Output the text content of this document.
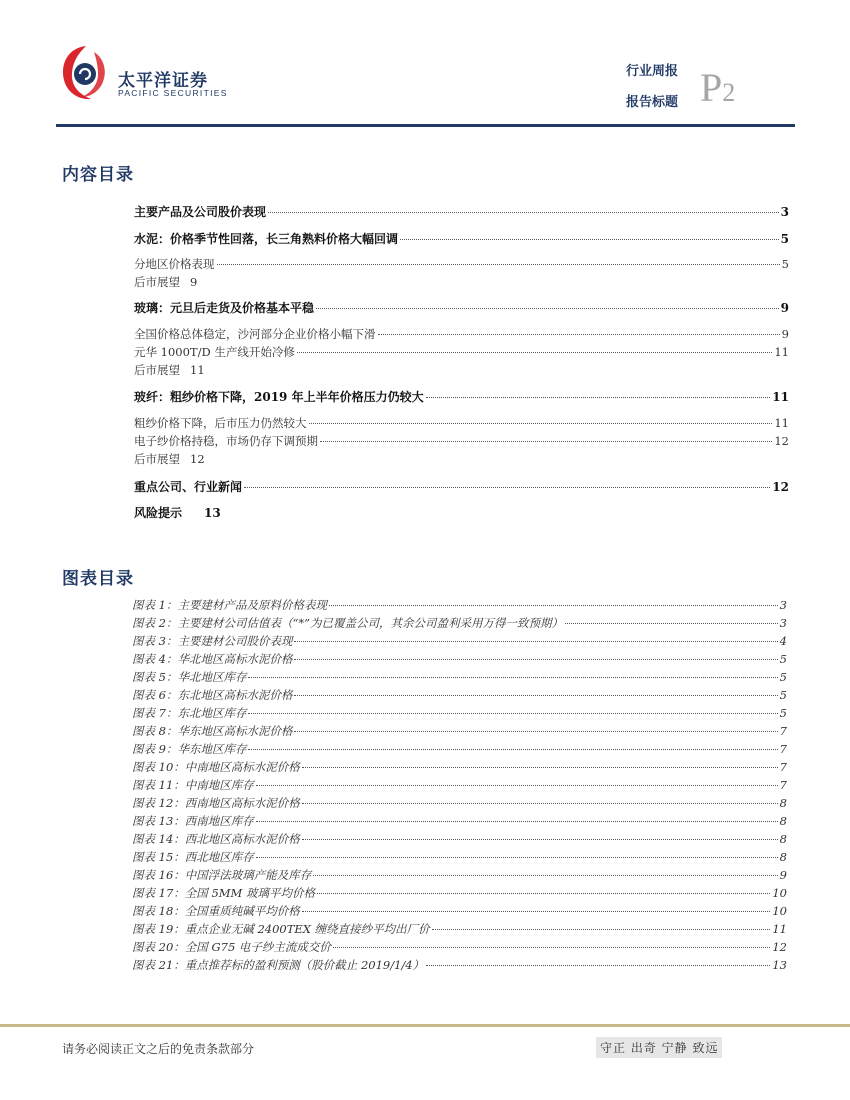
太平洋证券
PACIFIC SECURITIES
行业周报
报告标题 P2
内容目录
主要产品及公司股价表现	3
水泥：价格季节性回落，长三角熟料价格大幅回调	5
分地区价格表现	5
后市展望 9
玻璃：元旦后走货及价格基本平稳	9
全国价格总体稳定，沙河部分企业价格小幅下滑	9
元华 1000T/D 生产线开始冷修	11
后市展望 11
玻纤：粗纱价格下降，2019 年上半年价格压力仍较大	11
粗纱价格下降，后市压力仍然较大	11
电子纱价格持稳，市场仍存下调预期	12
后市展望 12
重点公司、行业新闻	12
风险提示 13
图表目录
图表 1：主要建材产品及原料价格表现	3
图表 2：主要建材公司估值表（“*”为已覆盖公司，其余公司盈利采用万得一致预期）	3
图表 3：主要建材公司股价表现	4
图表 4：华北地区高标水泥价格	5
图表 5：华北地区库存	5
图表 6：东北地区高标水泥价格	5
图表 7：东北地区库存	5
图表 8：华东地区高标水泥价格	7
图表 9：华东地区库存	7
图表 10：中南地区高标水泥价格	7
图表 11：中南地区库存	7
图表 12：西南地区高标水泥价格	8
图表 13：西南地区库存	8
图表 14：西北地区高标水泥价格	8
图表 15：西北地区库存	8
图表 16：中国浮法玻璃产能及库存	9
图表 17：全国 5MM 玻璃平均价格	10
图表 18：全国重质纯碱平均价格	10
图表 19：重点企业无碱 2400TEX 缠绕直接纱平均出厂价	11
图表 20：全国 G75 电子纱主流成交价	12
图表 21：重点推荐标的盈利预测（股价截止 2019/1/4）	13
请务必阅读正文之后的免责条款部分	守正 出奇 宁静 致远
